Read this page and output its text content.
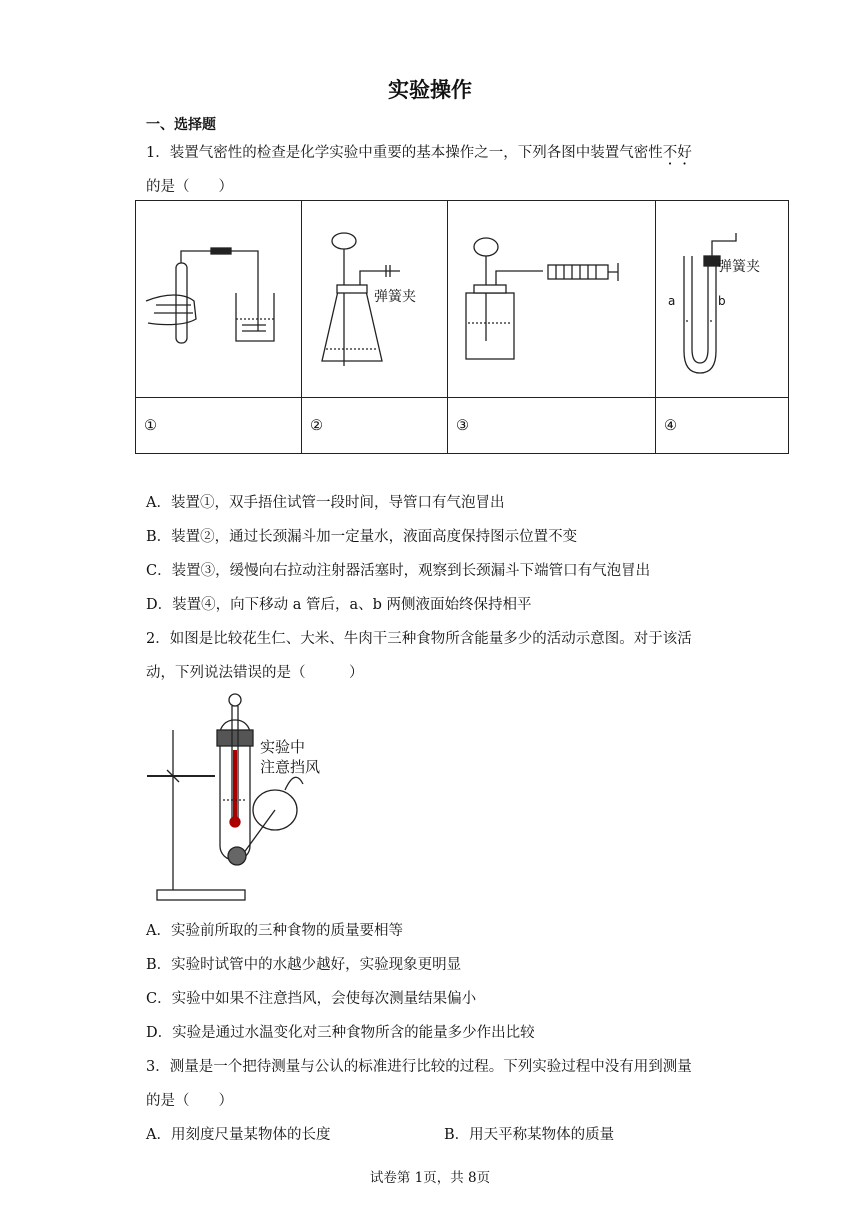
实验操作
一、选择题
1．装置气密性的检查是化学实验中重要的基本操作之一，下列各图中装置气密性不好
的是（　　）

弹簧夹		弹簧夹
a b

①	②	③	④
A．装置①，双手捂住试管一段时间，导管口有气泡冒出
B．装置②，通过长颈漏斗加一定量水，液面高度保持图示位置不变
C．装置③，缓慢向右拉动注射器活塞时，观察到长颈漏斗下端管口有气泡冒出
D．装置④，向下移动 a 管后，a、b 两侧液面始终保持相平
2．如图是比较花生仁、大米、牛肉干三种食物所含能量多少的活动示意图。对于该活
动，下列说法错误的是（　　　）
实验中
注意挡风
A．实验前所取的三种食物的质量要相等
B．实验时试管中的水越少越好，实验现象更明显
C．实验中如果不注意挡风，会使每次测量结果偏小
D．实验是通过水温变化对三种食物所含的能量多少作出比较
3．测量是一个把待测量与公认的标准进行比较的过程。下列实验过程中没有用到测量
的是（　　）
A．用刻度尺量某物体的长度	B．用天平称某物体的质量
试卷第 1页，共 8页
